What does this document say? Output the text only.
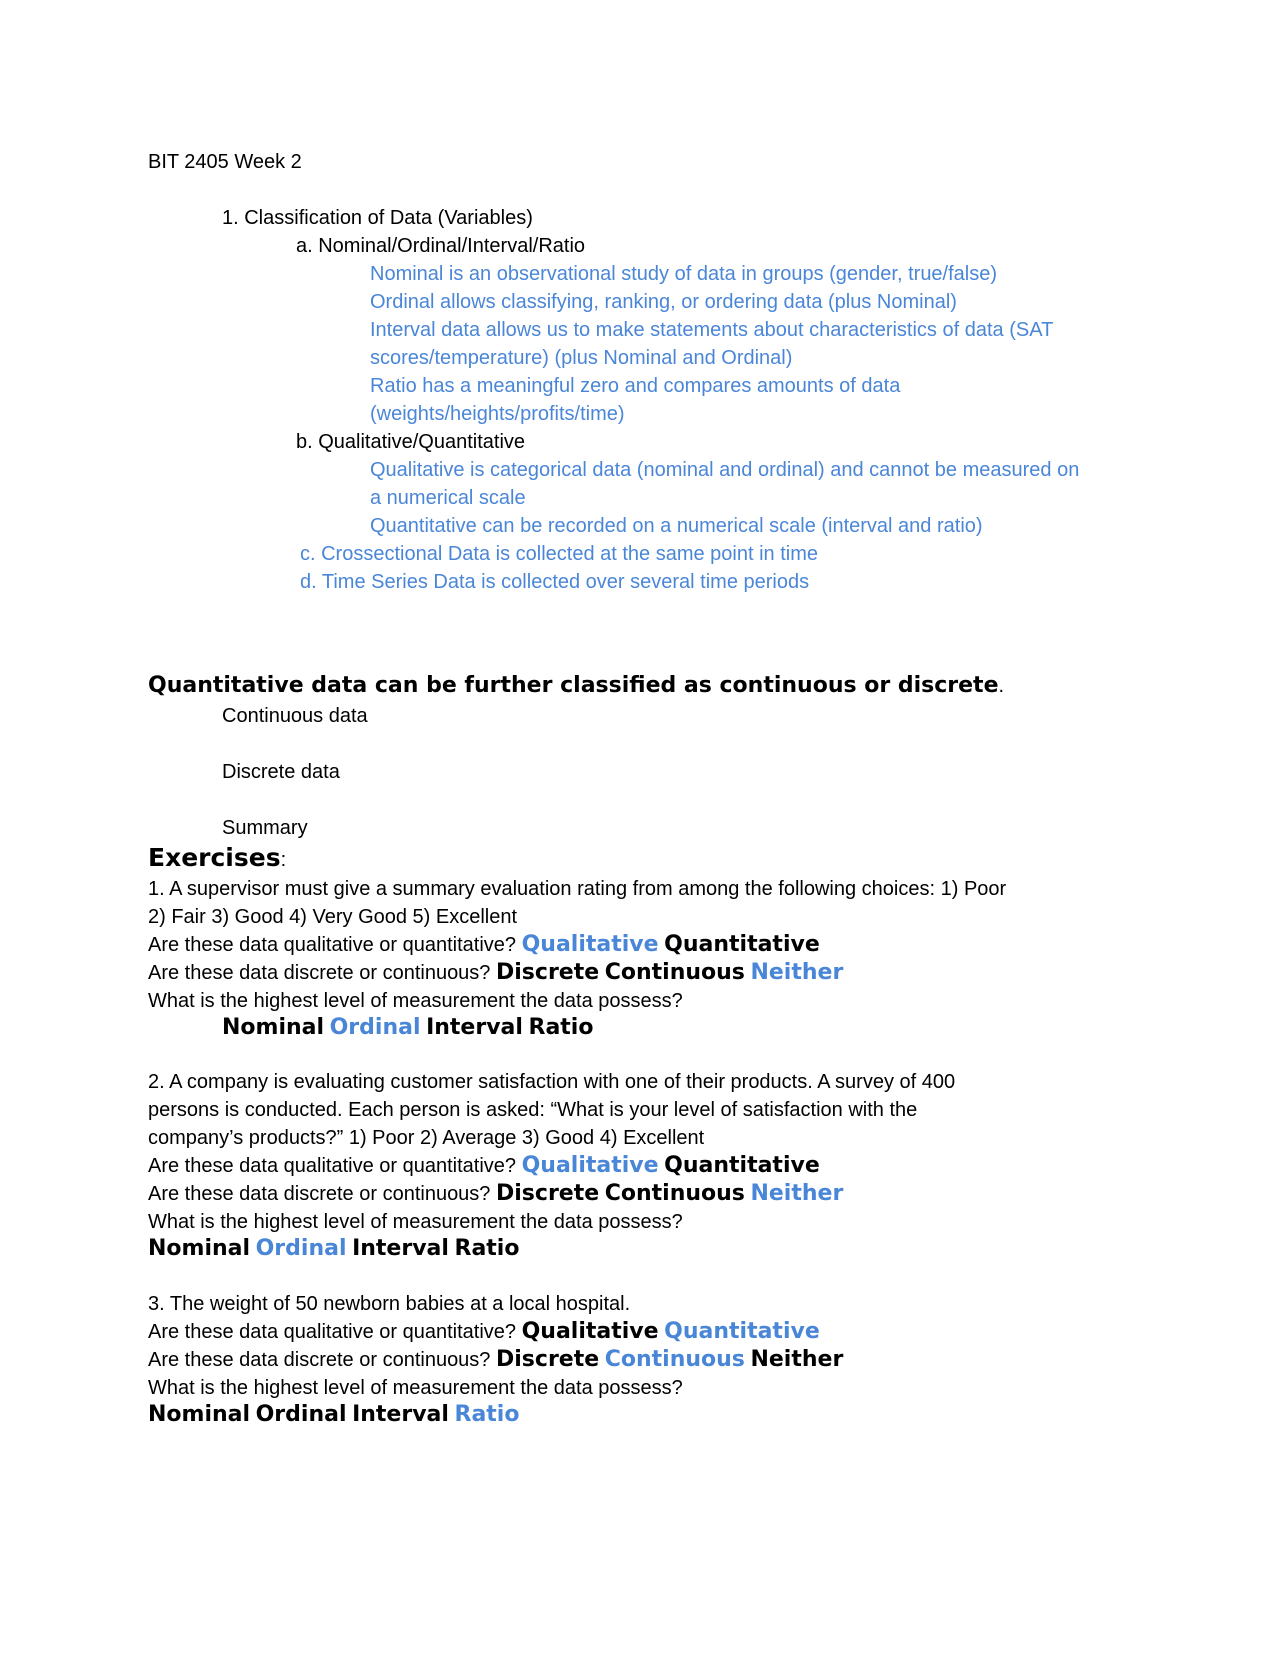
BIT 2405 Week 2
1. Classification of Data (Variables)
a. Nominal/Ordinal/Interval/Ratio
Nominal is an observational study of data in groups (gender, true/false)
Ordinal allows classifying, ranking, or ordering data (plus Nominal)
Interval data allows us to make statements about characteristics of data (SAT
scores/temperature) (plus Nominal and Ordinal)
Ratio has a meaningful zero and compares amounts of data
(weights/heights/profits/time)
b. Qualitative/Quantitative
Qualitative is categorical data (nominal and ordinal) and cannot be measured on
a numerical scale
Quantitative can be recorded on a numerical scale (interval and ratio)
c. Crossectional Data is collected at the same point in time
d. Time Series Data is collected over several time periods
Quantitative data can be further classified as continuous or discrete.
Continuous data
Discrete data
Summary
Exercises:
1. A supervisor must give a summary evaluation rating from among the following choices: 1) Poor
2) Fair 3) Good 4) Very Good 5) Excellent
Are these data qualitative or quantitative? Qualitative Quantitative
Are these data discrete or continuous? Discrete Continuous Neither
What is the highest level of measurement the data possess?
Nominal Ordinal Interval Ratio
2. A company is evaluating customer satisfaction with one of their products. A survey of 400
persons is conducted. Each person is asked: “What is your level of satisfaction with the
company’s products?” 1) Poor 2) Average 3) Good 4) Excellent
Are these data qualitative or quantitative? Qualitative Quantitative
Are these data discrete or continuous? Discrete Continuous Neither
What is the highest level of measurement the data possess?
Nominal Ordinal Interval Ratio
3. The weight of 50 newborn babies at a local hospital.
Are these data qualitative or quantitative? Qualitative Quantitative
Are these data discrete or continuous? Discrete Continuous Neither
What is the highest level of measurement the data possess?
Nominal Ordinal Interval Ratio
